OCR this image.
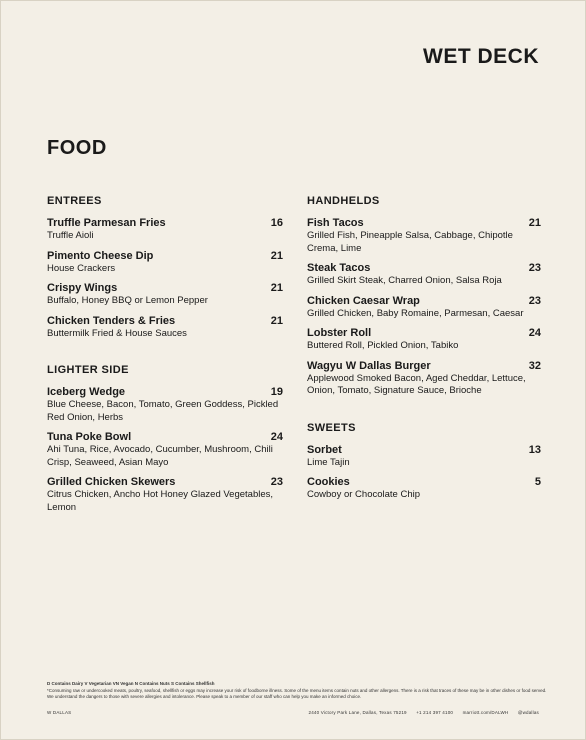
WET DECK
FOOD
ENTREES
Truffle Parmesan Fries	16
Truffle Aioli
Pimento Cheese Dip	21
House Crackers
Crispy Wings	21
Buffalo, Honey BBQ or Lemon Pepper
Chicken Tenders & Fries	21
Buttermilk Fried & House Sauces
LIGHTER SIDE
Iceberg Wedge	19
Blue Cheese, Bacon, Tomato, Green Goddess, Pickled Red Onion, Herbs
Tuna Poke Bowl	24
Ahi Tuna, Rice, Avocado, Cucumber, Mushroom, Chili Crisp, Seaweed, Asian Mayo
Grilled Chicken Skewers	23
Citrus Chicken, Ancho Hot Honey Glazed Vegetables, Lemon
HANDHELDS
Fish Tacos	21
Grilled Fish, Pineapple Salsa, Cabbage, Chipotle Crema, Lime
Steak Tacos	23
Grilled Skirt Steak, Charred Onion, Salsa Roja
Chicken Caesar Wrap	23
Grilled Chicken, Baby Romaine, Parmesan, Caesar
Lobster Roll	24
Buttered Roll, Pickled Onion, Tabiko
Wagyu W Dallas Burger	32
Applewood Smoked Bacon, Aged Cheddar, Lettuce, Onion, Tomato, Signature Sauce, Brioche
SWEETS
Sorbet	13
Lime Tajin
Cookies	5
Cowboy or Chocolate Chip
D Contains Dairy V Vegetarian VN Vegan N Contains Nuts S Contains Shellfish
*Consuming raw or undercooked meats, poultry, seafood, shellfish or eggs may increase your risk of foodborne illness. Some of the menu items contain nuts and other allergens. There is a risk that traces of these may be in other dishes or food served. We understand the dangers to those with severe allergies and intolerance. Please speak to a member of our staff who can help you make an informed choice.
W DALLAS	2440 Victory Park Lane, Dallas, Texas 75219 +1 214 397 4100 marriott.com/DALWH @wdallas
